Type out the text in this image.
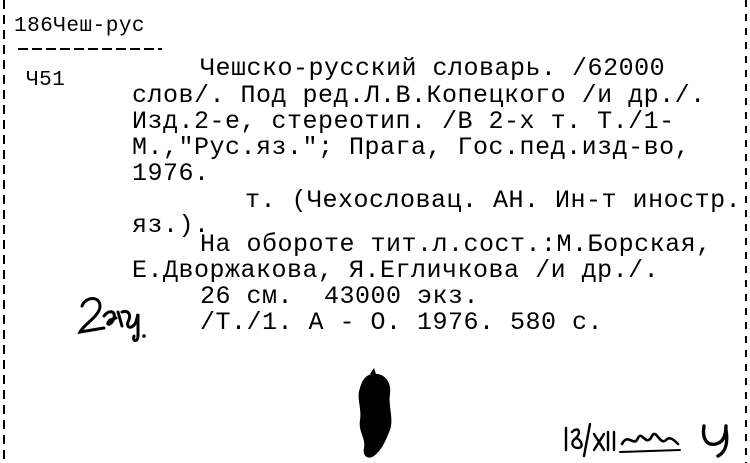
186Чеш-рус
Ч51	Чешско-русский словарь. /62000
слов/. Под ред.Л.В.Копецкого /и др./.
Изд.2-е, стереотип. /В 2-х т. Т./1-
М.,"Рус.яз."; Прага, Гос.пед.изд-во,
1976.
т. (Чехословац. АН. Ин-т иностр.
яз.).
На обороте тит.л.сост.:М.Борская,
Е.Дворжакова, Я.Егличкова /и др./.
26 см.  43000 экз.
/Т./1. А - О. 1976. 580 с.
